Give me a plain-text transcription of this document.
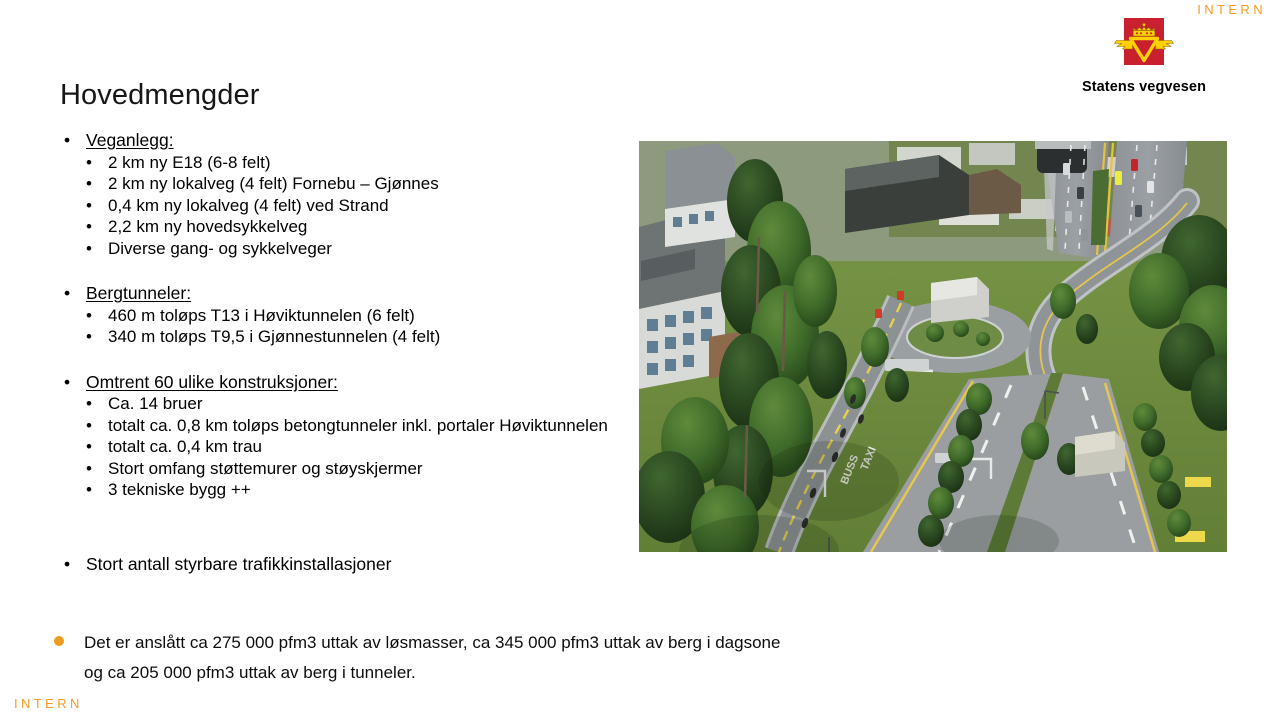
INTERN
Statens vegvesen
Hovedmengder
• Veganlegg:
• 2 km ny E18 (6-8 felt)
• 2 km ny lokalveg (4 felt) Fornebu – Gjønnes
• 0,4 km ny lokalveg (4 felt) ved Strand
• 2,2 km ny hovedsykkelveg
• Diverse gang- og sykkelveger
• Bergtunneler:
• 460 m toløps T13 i Høviktunnelen (6 felt)
• 340 m toløps T9,5 i Gjønnestunnelen (4 felt)
• Omtrent 60 ulike konstruksjoner:
• Ca. 14 bruer
• totalt ca. 0,8 km toløps betongtunneler inkl. portaler Høviktunnelen
• totalt ca. 0,4 km trau
• Stort omfang støttemurer og støyskjermer
• 3 tekniske bygg ++
• Stort antall styrbare trafikkinstallasjoner
Det er anslått ca 275 000 pfm3 uttak av løsmasser, ca 345 000 pfm3 uttak av berg i dagsone
og ca 205 000 pfm3 uttak av berg i tunneler.
INTERN
